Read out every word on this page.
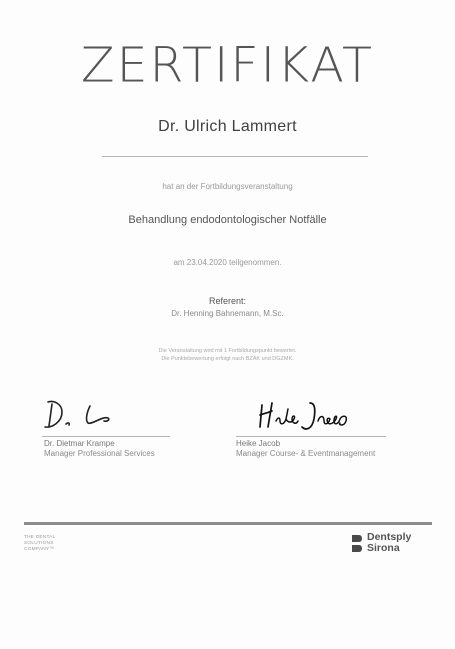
ZERTIFIKAT
Dr. Ulrich Lammert
hat an der Fortbildungsveranstaltung
Behandlung endodontologischer Notfälle
am 23.04.2020 teilgenommen.
Referent:
Dr. Henning Bahnemann, M.Sc.
Die Veranstaltung wird mit 1 Fortbildungspunkt bewertet.
Die Punktebewertung erfolgt nach BZÄK und DGZMK.
Dr. Dietmar Krampe
Manager Professional Services
Heike Jacob
Manager Course- & Eventmanagement
THE DENTAL
SOLUTIONS
COMPANY™
Dentsply
Sirona
